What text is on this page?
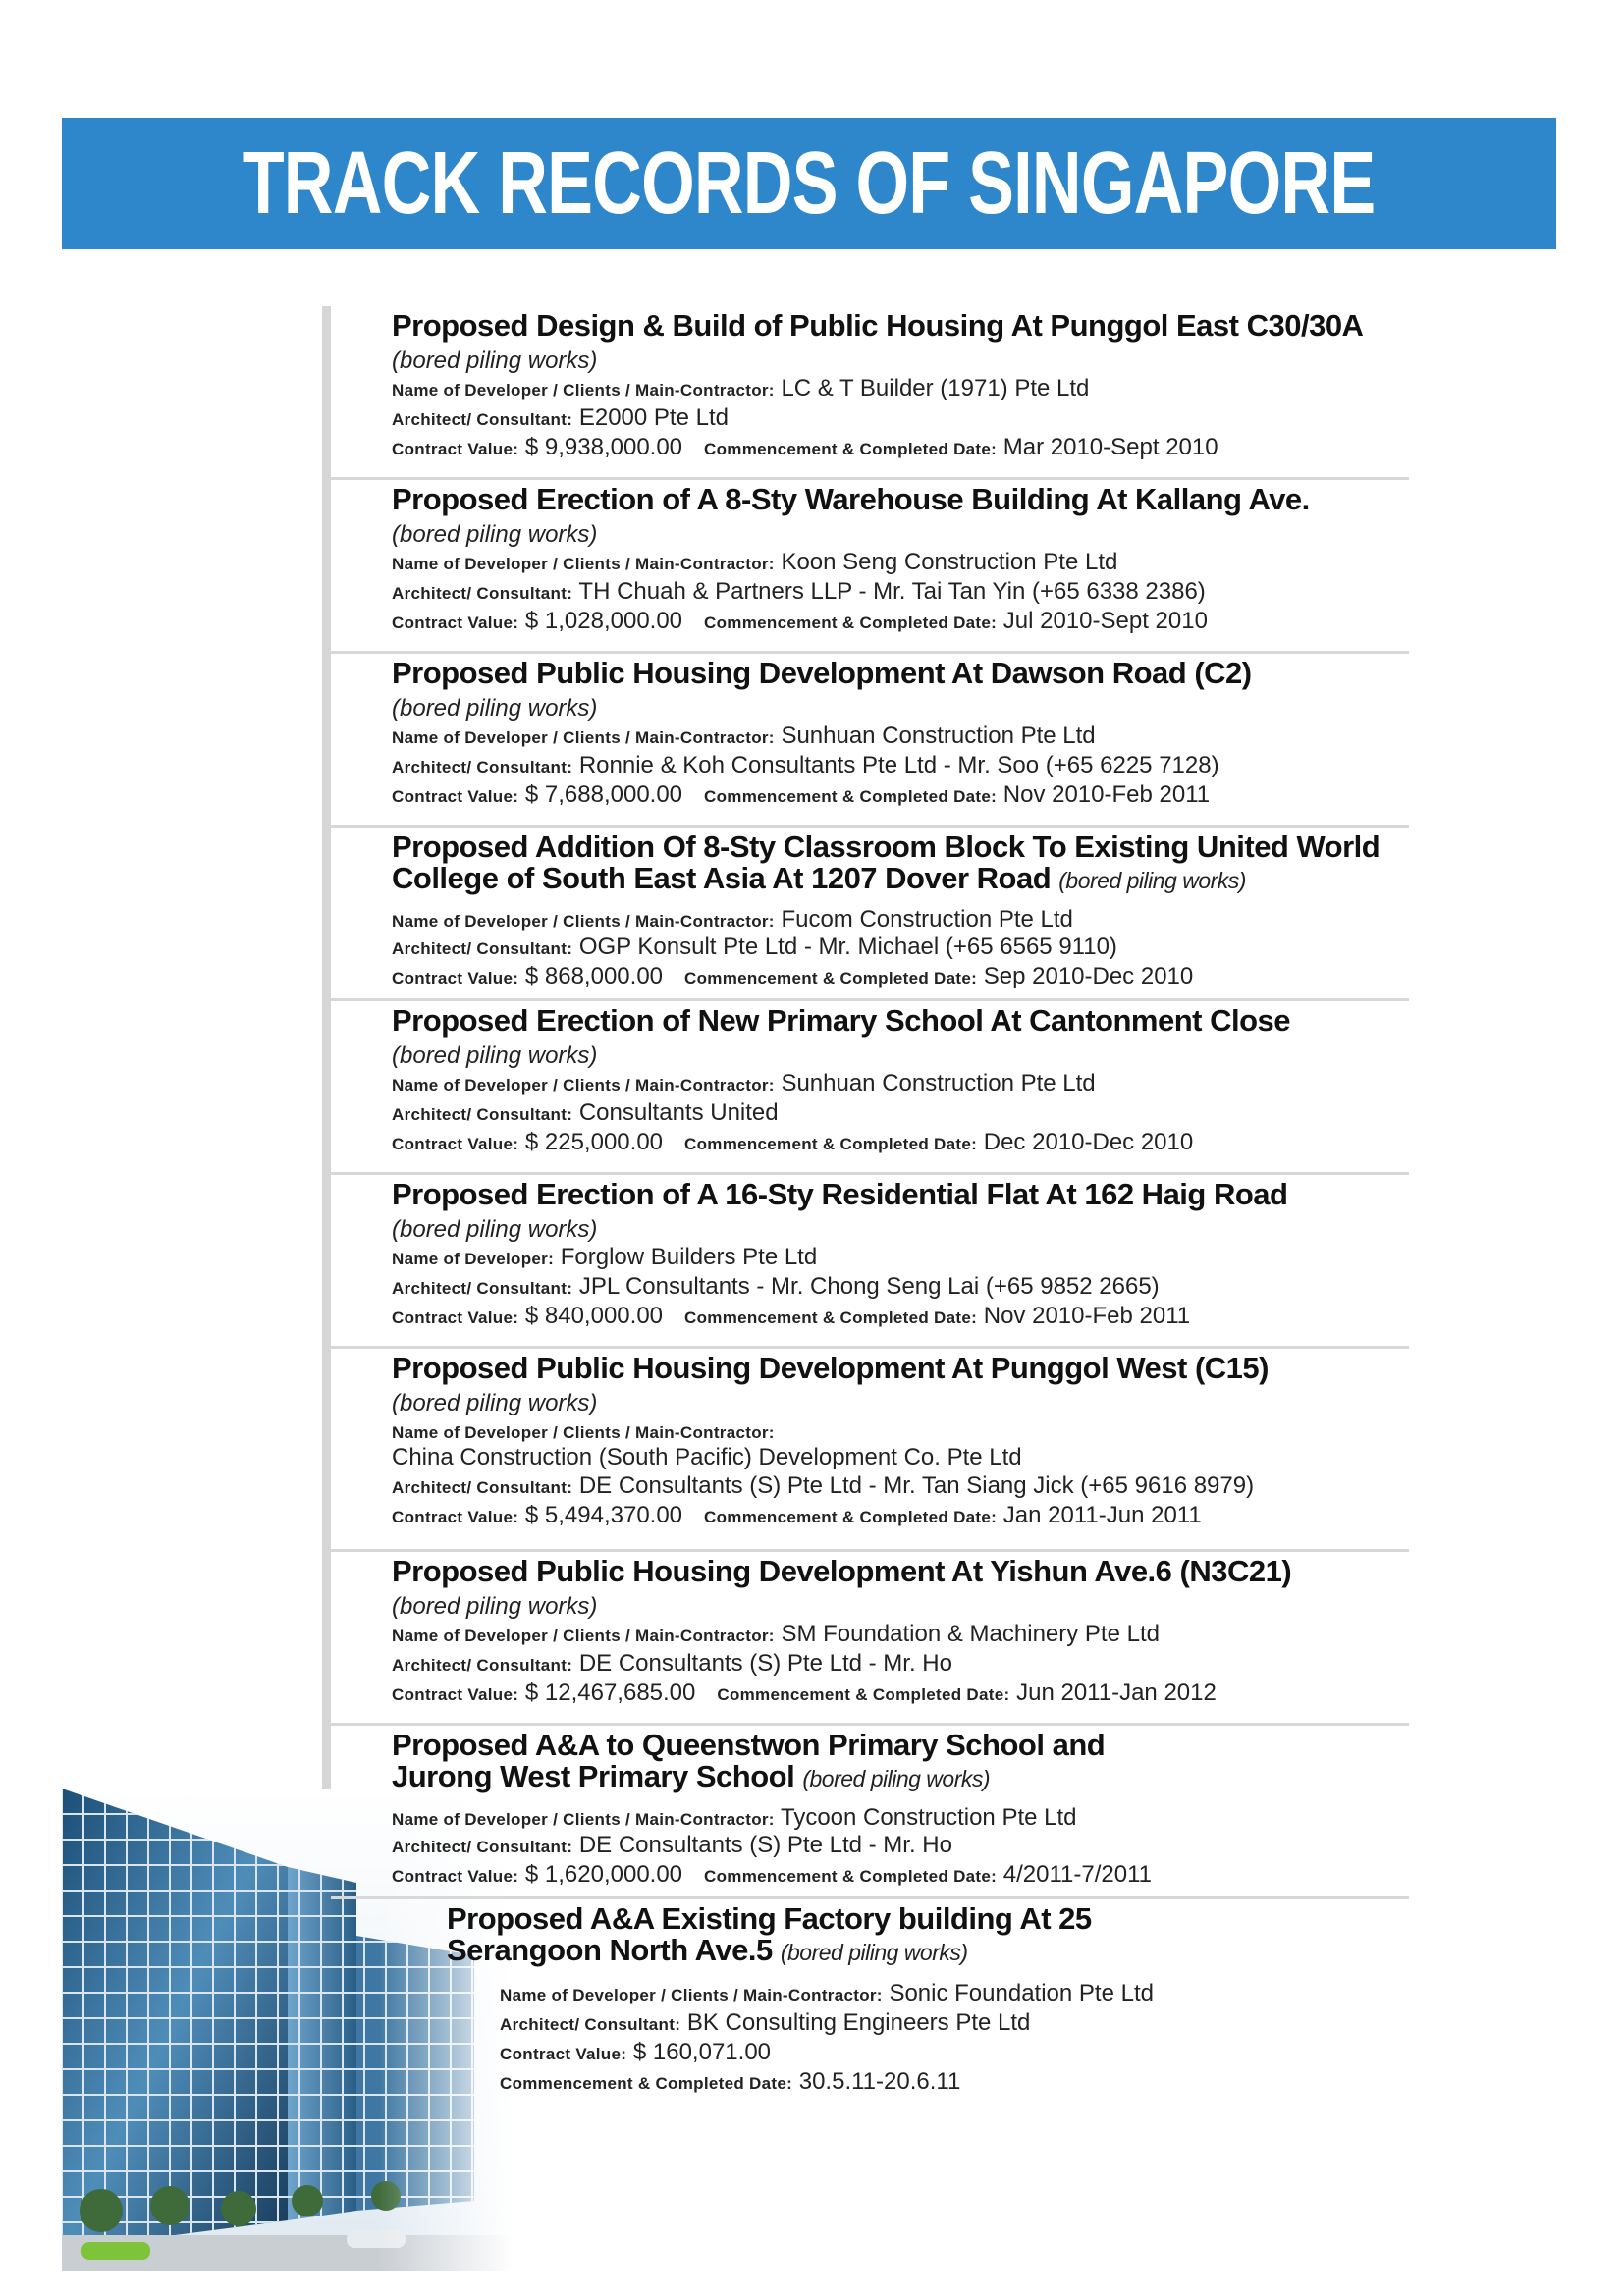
TRACK RECORDS OF SINGAPORE
Proposed Design & Build of Public Housing At Punggol East C30/30A
(bored piling works)
Name of Developer / Clients / Main-Contractor: LC & T Builder (1971) Pte Ltd
Architect/ Consultant: E2000 Pte Ltd
Contract Value: $ 9,938,000.00 Commencement & Completed Date: Mar 2010-Sept 2010
Proposed Erection of A 8-Sty Warehouse Building At Kallang Ave.
(bored piling works)
Name of Developer / Clients / Main-Contractor: Koon Seng Construction Pte Ltd
Architect/ Consultant: TH Chuah & Partners LLP - Mr. Tai Tan Yin (+65 6338 2386)
Contract Value: $ 1,028,000.00 Commencement & Completed Date: Jul 2010-Sept 2010
Proposed Public Housing Development At Dawson Road (C2)
(bored piling works)
Name of Developer / Clients / Main-Contractor: Sunhuan Construction Pte Ltd
Architect/ Consultant: Ronnie & Koh Consultants Pte Ltd - Mr. Soo (+65 6225 7128)
Contract Value: $ 7,688,000.00 Commencement & Completed Date: Nov 2010-Feb 2011
Proposed Addition Of 8-Sty Classroom Block To Existing United World
College of South East Asia At 1207 Dover Road (bored piling works)
Name of Developer / Clients / Main-Contractor: Fucom Construction Pte Ltd
Architect/ Consultant: OGP Konsult Pte Ltd - Mr. Michael (+65 6565 9110)
Contract Value: $ 868,000.00 Commencement & Completed Date: Sep 2010-Dec 2010
Proposed Erection of New Primary School At Cantonment Close
(bored piling works)
Name of Developer / Clients / Main-Contractor: Sunhuan Construction Pte Ltd
Architect/ Consultant: Consultants United
Contract Value: $ 225,000.00 Commencement & Completed Date: Dec 2010-Dec 2010
Proposed Erection of A 16-Sty Residential Flat At 162 Haig Road
(bored piling works)
Name of Developer: Forglow Builders Pte Ltd
Architect/ Consultant: JPL Consultants - Mr. Chong Seng Lai (+65 9852 2665)
Contract Value: $ 840,000.00 Commencement & Completed Date: Nov 2010-Feb 2011
Proposed Public Housing Development At Punggol West (C15)
(bored piling works)
Name of Developer / Clients / Main-Contractor:
China Construction (South Pacific) Development Co. Pte Ltd
Architect/ Consultant: DE Consultants (S) Pte Ltd - Mr. Tan Siang Jick (+65 9616 8979)
Contract Value: $ 5,494,370.00 Commencement & Completed Date: Jan 2011-Jun 2011
Proposed Public Housing Development At Yishun Ave.6 (N3C21)
(bored piling works)
Name of Developer / Clients / Main-Contractor: SM Foundation & Machinery Pte Ltd
Architect/ Consultant: DE Consultants (S) Pte Ltd - Mr. Ho
Contract Value: $ 12,467,685.00 Commencement & Completed Date: Jun 2011-Jan 2012
Proposed A&A to Queenstwon Primary School and
Jurong West Primary School (bored piling works)
Name of Developer / Clients / Main-Contractor: Tycoon Construction Pte Ltd
Architect/ Consultant: DE Consultants (S) Pte Ltd - Mr. Ho
Contract Value: $ 1,620,000.00 Commencement & Completed Date: 4/2011-7/2011
Proposed A&A Existing Factory building At 25
Serangoon North Ave.5 (bored piling works)
Name of Developer / Clients / Main-Contractor: Sonic Foundation Pte Ltd
Architect/ Consultant: BK Consulting Engineers Pte Ltd
Contract Value: $ 160,071.00
Commencement & Completed Date: 30.5.11-20.6.11
